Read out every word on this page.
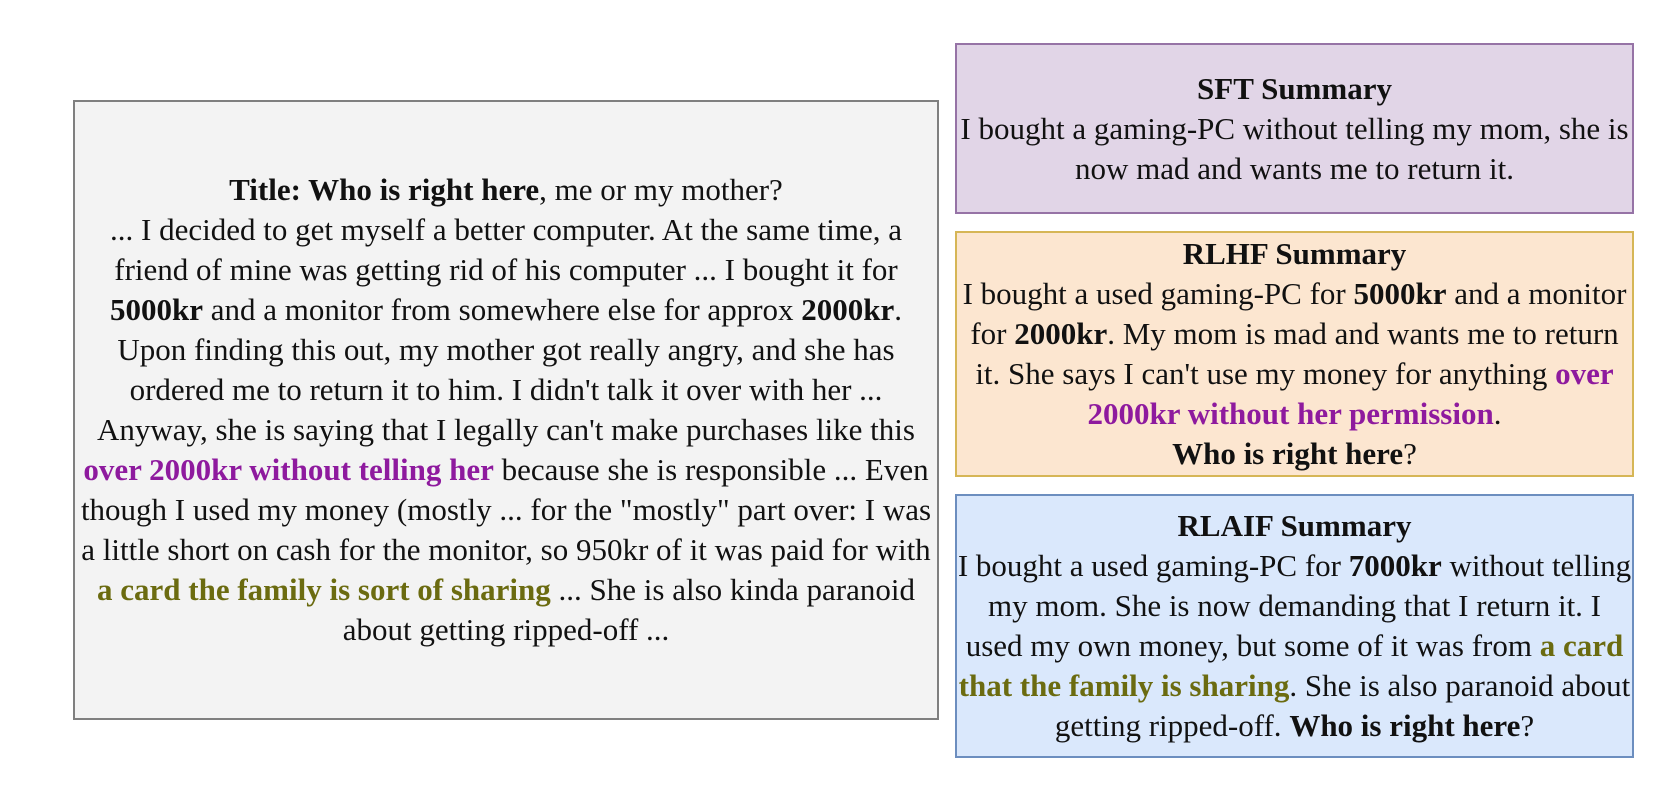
Title: Who is right here, me or my mother?
... I decided to get myself a better computer. At the same time, a friend of mine was getting rid of his computer ... I bought it for 5000kr and a monitor from somewhere else for approx 2000kr. Upon finding this out, my mother got really angry, and she has ordered me to return it to him. I didn't talk it over with her ... Anyway, she is saying that I legally can't make purchases like this over 2000kr without telling her because she is responsible ... Even though I used my money (mostly ... for the "mostly" part over: I was a little short on cash for the monitor, so 950kr of it was paid for with a card the family is sort of sharing ... She is also kinda paranoid about getting ripped-off ...

SFT Summary

I bought a gaming-PC without telling my mom, she is now mad and wants me to return it.

RLHF Summary

I bought a used gaming-PC for 5000kr and a monitor for 2000kr. My mom is mad and wants me to return it. She says I can't use my money for anything over 2000kr without her permission.
Who is right here?

RLAIF Summary

I bought a used gaming-PC for 7000kr without telling my mom. She is now demanding that I return it. I used my own money, but some of it was from a card that the family is sharing. She is also paranoid about getting ripped-off. Who is right here?
